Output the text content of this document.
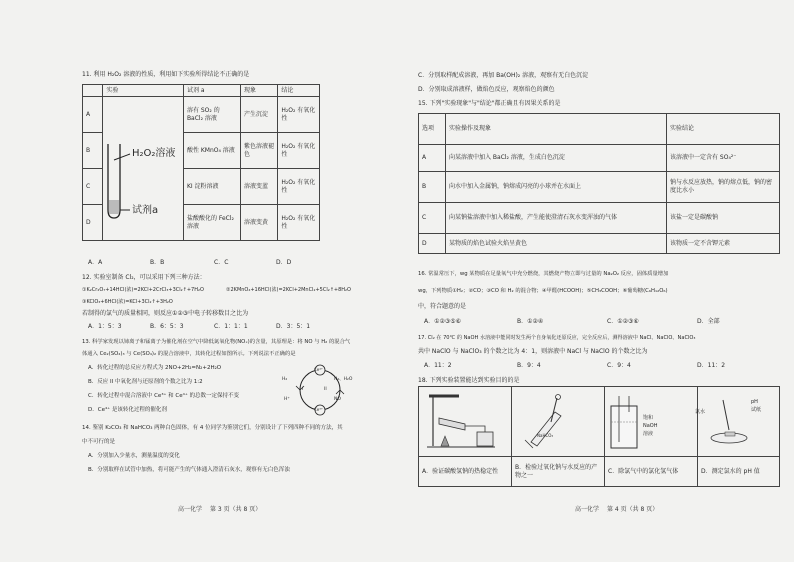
11. 利用 H₂O₂ 溶液的性质，利用如下实验所得结论不正确的是
	实验	试剂 a	现象	结论
A		溶有 SO₂ 的 BaCl₂ 溶液	产生沉淀	H₂O₂ 有氧化性
B		酸性 KMnO₄ 溶液	紫色溶液褪色	H₂O₂ 有氧化性
C		KI 淀粉溶液	溶液变蓝	H₂O₂ 有氧化性
D		盐酸酸化的 FeCl₂ 溶液	溶液变黄	H₂O₂ 有氧化性
H₂O₂溶液
试剂a
A．A	B．B	C．C	D．D
12. 实验室制备 Cl₂，可以采用下列三种方法：
①K₂Cr₂O₇+14HCl(浓)=2KCl+2CrCl₃+3Cl₂↑+7H₂O	②2KMnO₄+16HCl(浓)=2KCl+2MnCl₂+5Cl₂↑+8H₂O
③KClO₃+6HCl(浓)=KCl+3Cl₂↑+3H₂O
若制得的氯气的质量相同，则反应①②③中电子转移数目之比为
A．1：5：3	B．6：5：3	C．1：1：1	D．3：5：1
13. 科学家发现以铈离子和锰离子为催化剂在空气中降低氮氧化物(NOₓ)的含量，其原理是：将 NO 与 H₂ 的混合气
体通入 Ce₂(SO₄)₃ 与 Ce(SO₄)₂ 的混合溶液中，其转化过程如图所示。下列说法不正确的是
A．转化过程的总反应方程式为 2NO+2H₂=N₂+2H₂O
B．反应 II 中氧化剂与还原剂的个数之比为 1:2
C．转化过程中混合溶液中 Ce³⁺ 和 Ce⁴⁺ 的总数一定保持不变
D．Ce⁴⁺ 是该转化过程的催化剂
Ce⁴⁺
Ce³⁺
H₂
H⁺
N₂、H₂O
NO
I	II
14. 鉴别 K₂CO₃ 和 NaHCO₃ 两种白色固体，有 4 位同学为鉴别它们，分别设计了下列四种不同的方法，其
中不可行的是
A．分别加入少量水，测量温度的变化
B．分别取样在试管中加热，将可能产生的气体通入澄清石灰水，观察有无白色浑浊
高一化学 第 3 页（共 8 页）
C．分别取样配成溶液，再加 Ba(OH)₂ 溶液，观察有无白色沉淀
D．分别取成溶液样，做焰色反应，观察焰色的颜色
15. 下列"实验现象"与"结论"都正确且有因果关系的是
选项	实验操作及现象	实验结论
A	向某溶液中加入 BaCl₂ 溶液，生成白色沉淀	该溶液中一定含有 SO₄²⁻
B	向水中加入金属钠，钠熔成闪亮的小球并在水面上	钠与水反应放热，钠的熔点低，钠的密度比水小
C	向某钠盐溶液中加入稀盐酸，产生能使澄清石灰水变浑浊的气体	该盐一定是碳酸钠
D	某物质的焰色试验火焰呈黄色	该物质一定不含钾元素
16. 常温常压下，wg 某物质在足量氧气中充分燃烧，其燃烧产物立即与过量的 Na₂O₂ 反应，固体质量增加
wg，下列物质①H₂；②CO；③CO 和 H₂ 的混合物；④甲醛(HCOOH)；⑤CH₃COOH；⑥葡萄糖(C₆H₁₂O₆)
中，符合题意的是
A．①②③⑤⑥	B．①②④	C．①②③⑥	D．全部
17. Cl₂ 在 70℃ 的 NaOH 水溶液中能同时发生两个自身氧化还原反应，完全反应后，测得溶液中 NaCl、NaClO、NaClO₃
共中 NaClO 与 NaClO₃ 的个数之比为 4：1，则溶液中 NaCl 与 NaClO 的个数之比为
A．11：2	B．9：4	C．9：4	D．11：2
18. 下列实验装置能达到实验目的的是

A．验证碳酸氢钠的热稳定性	B．检验过氧化钠与水反应的产物之一	C．除氯气中的氯化氢气体	D．测定氯水的 pH 值
NaHCO₃
饱和
NaOH
溶液
氯水
pH
试纸
高一化学 第 4 页（共 8 页）
